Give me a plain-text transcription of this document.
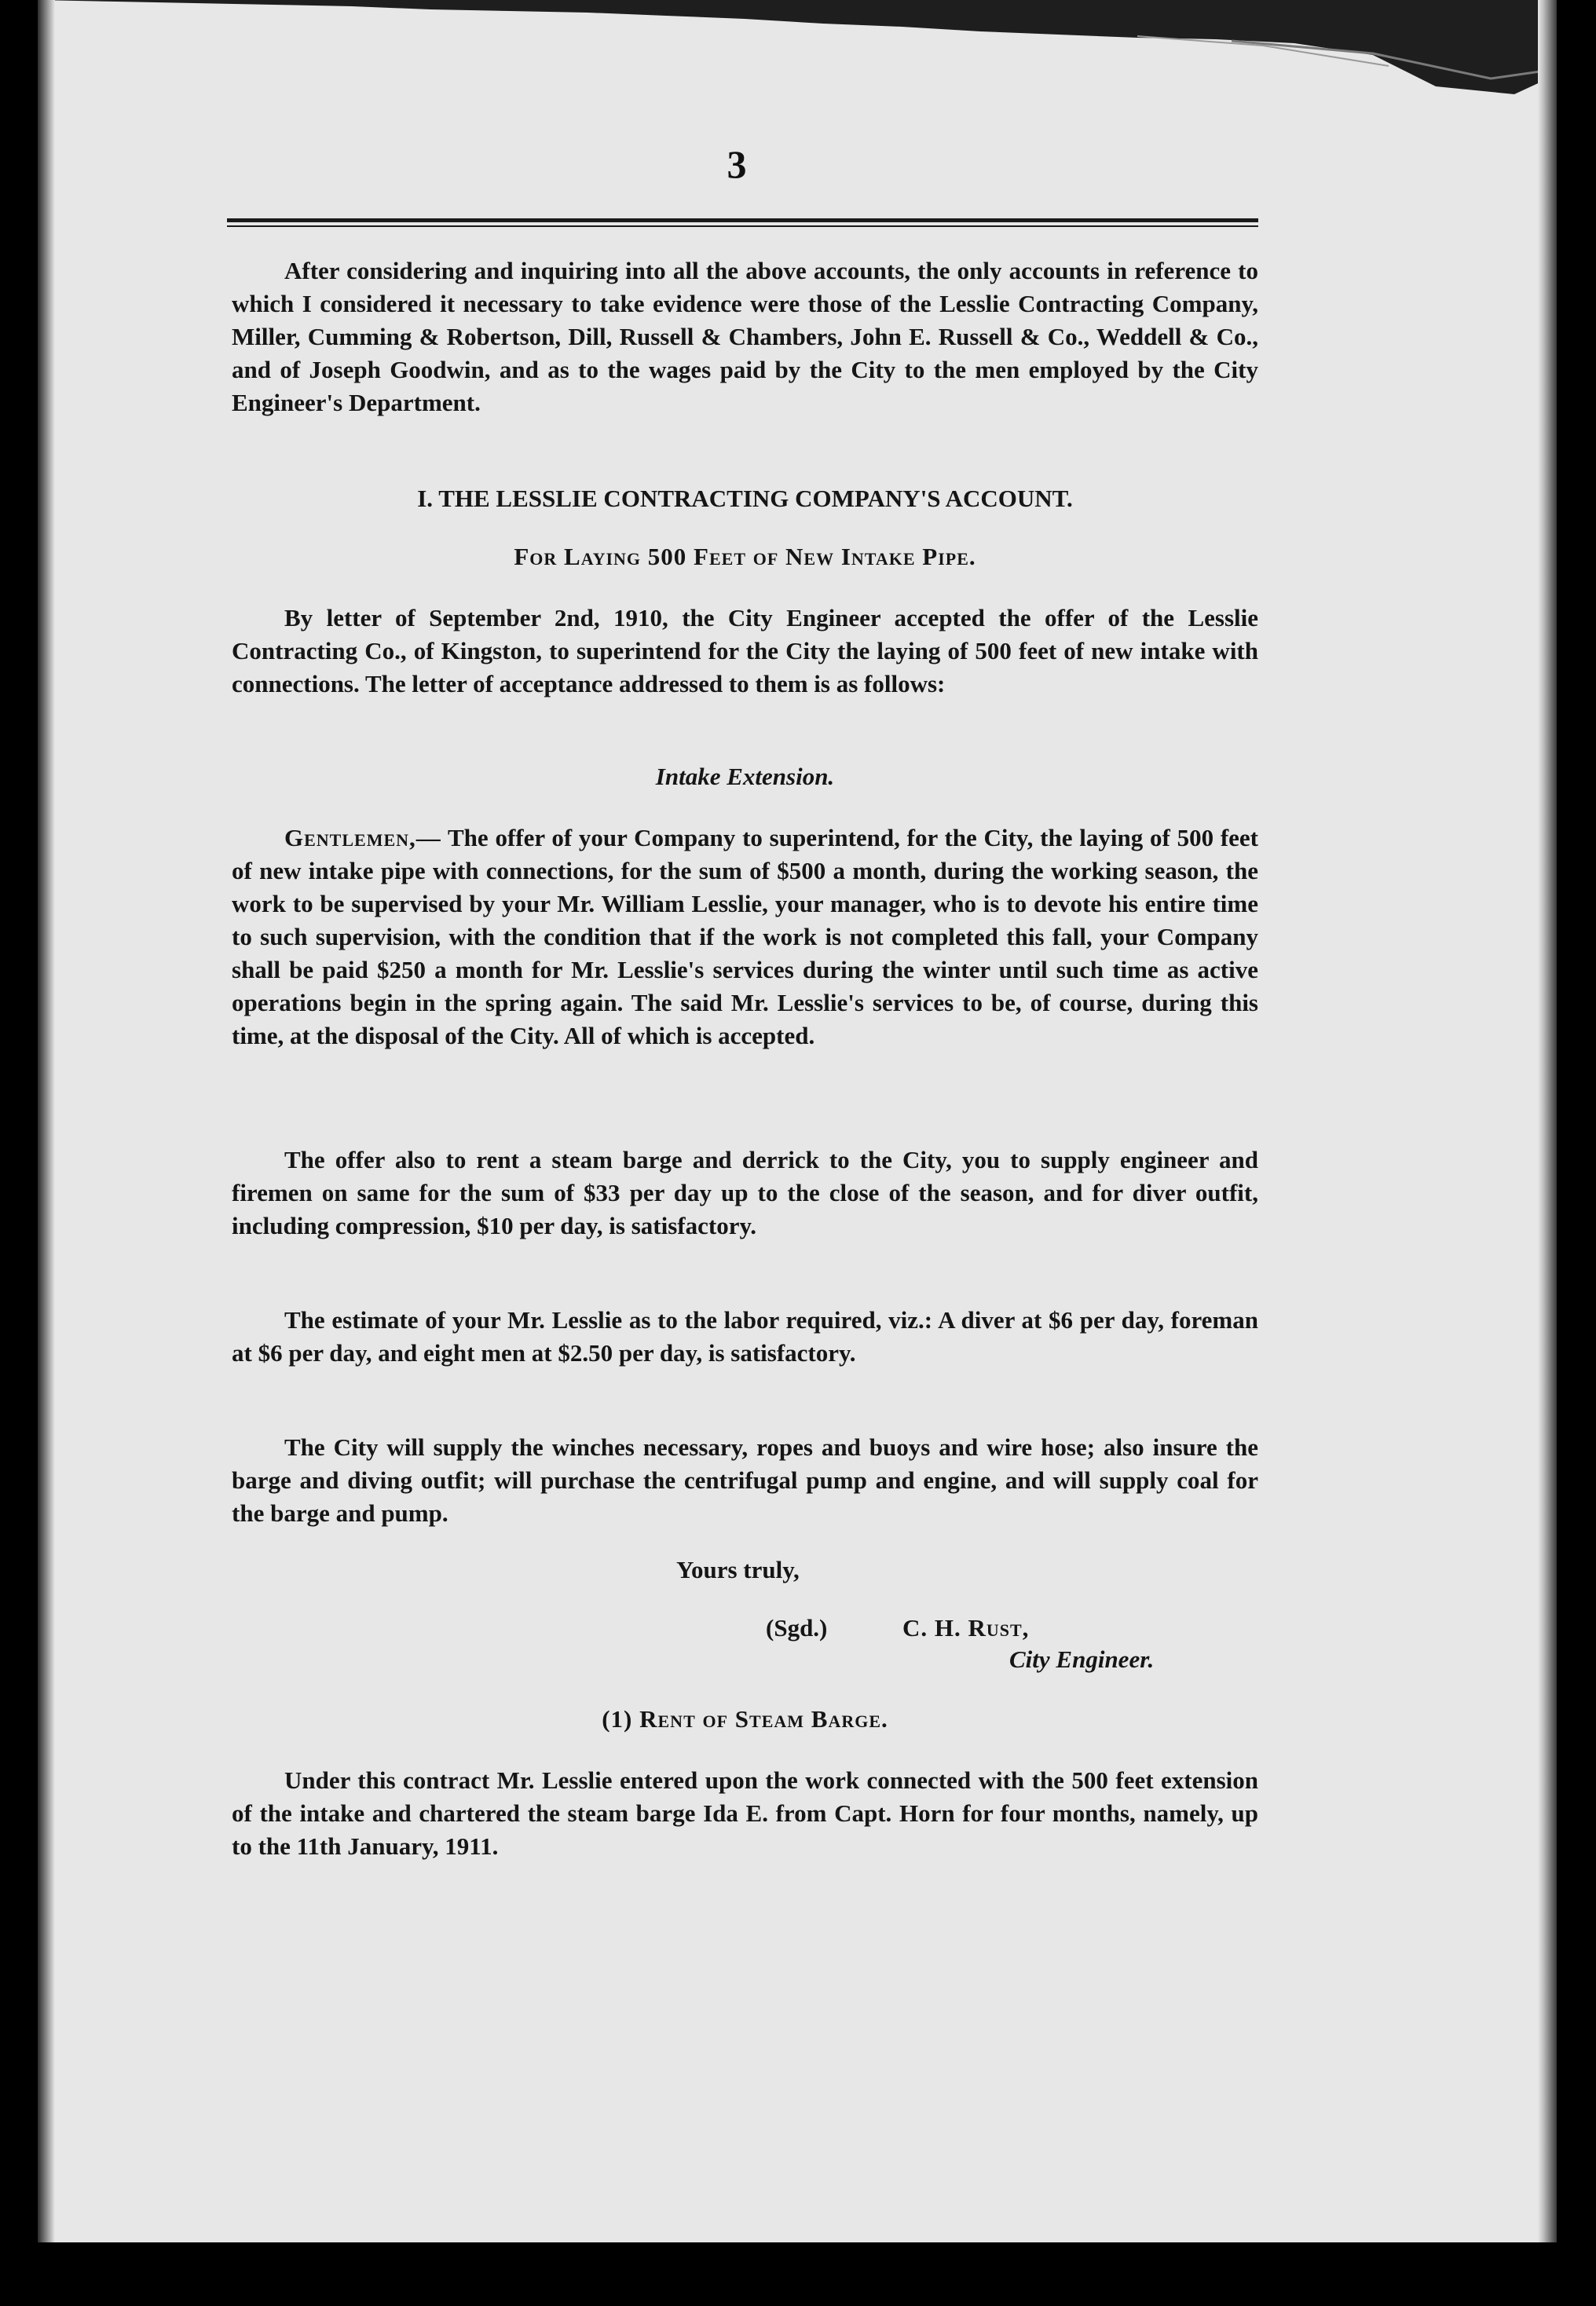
3

After considering and inquiring into all the above accounts, the only accounts in reference to which I considered it necessary to take evidence were those of the Lesslie Contracting Company, Miller, Cumming & Robertson, Dill, Russell & Chambers, John E. Russell & Co., Weddell & Co., and of Joseph Goodwin, and as to the wages paid by the City to the men employed by the City Engineer's Department.

I. THE LESSLIE CONTRACTING COMPANY'S ACCOUNT.

For Laying 500 Feet of New Intake Pipe.

By letter of September 2nd, 1910, the City Engineer accepted the offer of the Lesslie Contracting Co., of Kingston, to superintend for the City the laying of 500 feet of new intake with connections. The letter of acceptance addressed to them is as follows:

Intake Extension.

Gentlemen,— The offer of your Company to superintend, for the City, the laying of 500 feet of new intake pipe with connections, for the sum of $500 a month, during the working season, the work to be supervised by your Mr. William Lesslie, your manager, who is to devote his entire time to such supervision, with the condition that if the work is not completed this fall, your Company shall be paid $250 a month for Mr. Lesslie's services during the winter until such time as active operations begin in the spring again. The said Mr. Lesslie's services to be, of course, during this time, at the disposal of the City. All of which is accepted.

The offer also to rent a steam barge and derrick to the City, you to supply engineer and firemen on same for the sum of $33 per day up to the close of the season, and for diver outfit, including compression, $10 per day, is satisfactory.

The estimate of your Mr. Lesslie as to the labor required, viz.: A diver at $6 per day, foreman at $6 per day, and eight men at $2.50 per day, is satisfactory.

The City will supply the winches necessary, ropes and buoys and wire hose; also insure the barge and diving outfit; will purchase the centrifugal pump and engine, and will supply coal for the barge and pump.

Yours truly,
(Sgd.)	C. H. Rust,
City Engineer.

(1) Rent of Steam Barge.

Under this contract Mr. Lesslie entered upon the work connected with the 500 feet extension of the intake and chartered the steam barge Ida E. from Capt. Horn for four months, namely, up to the 11th January, 1911.
